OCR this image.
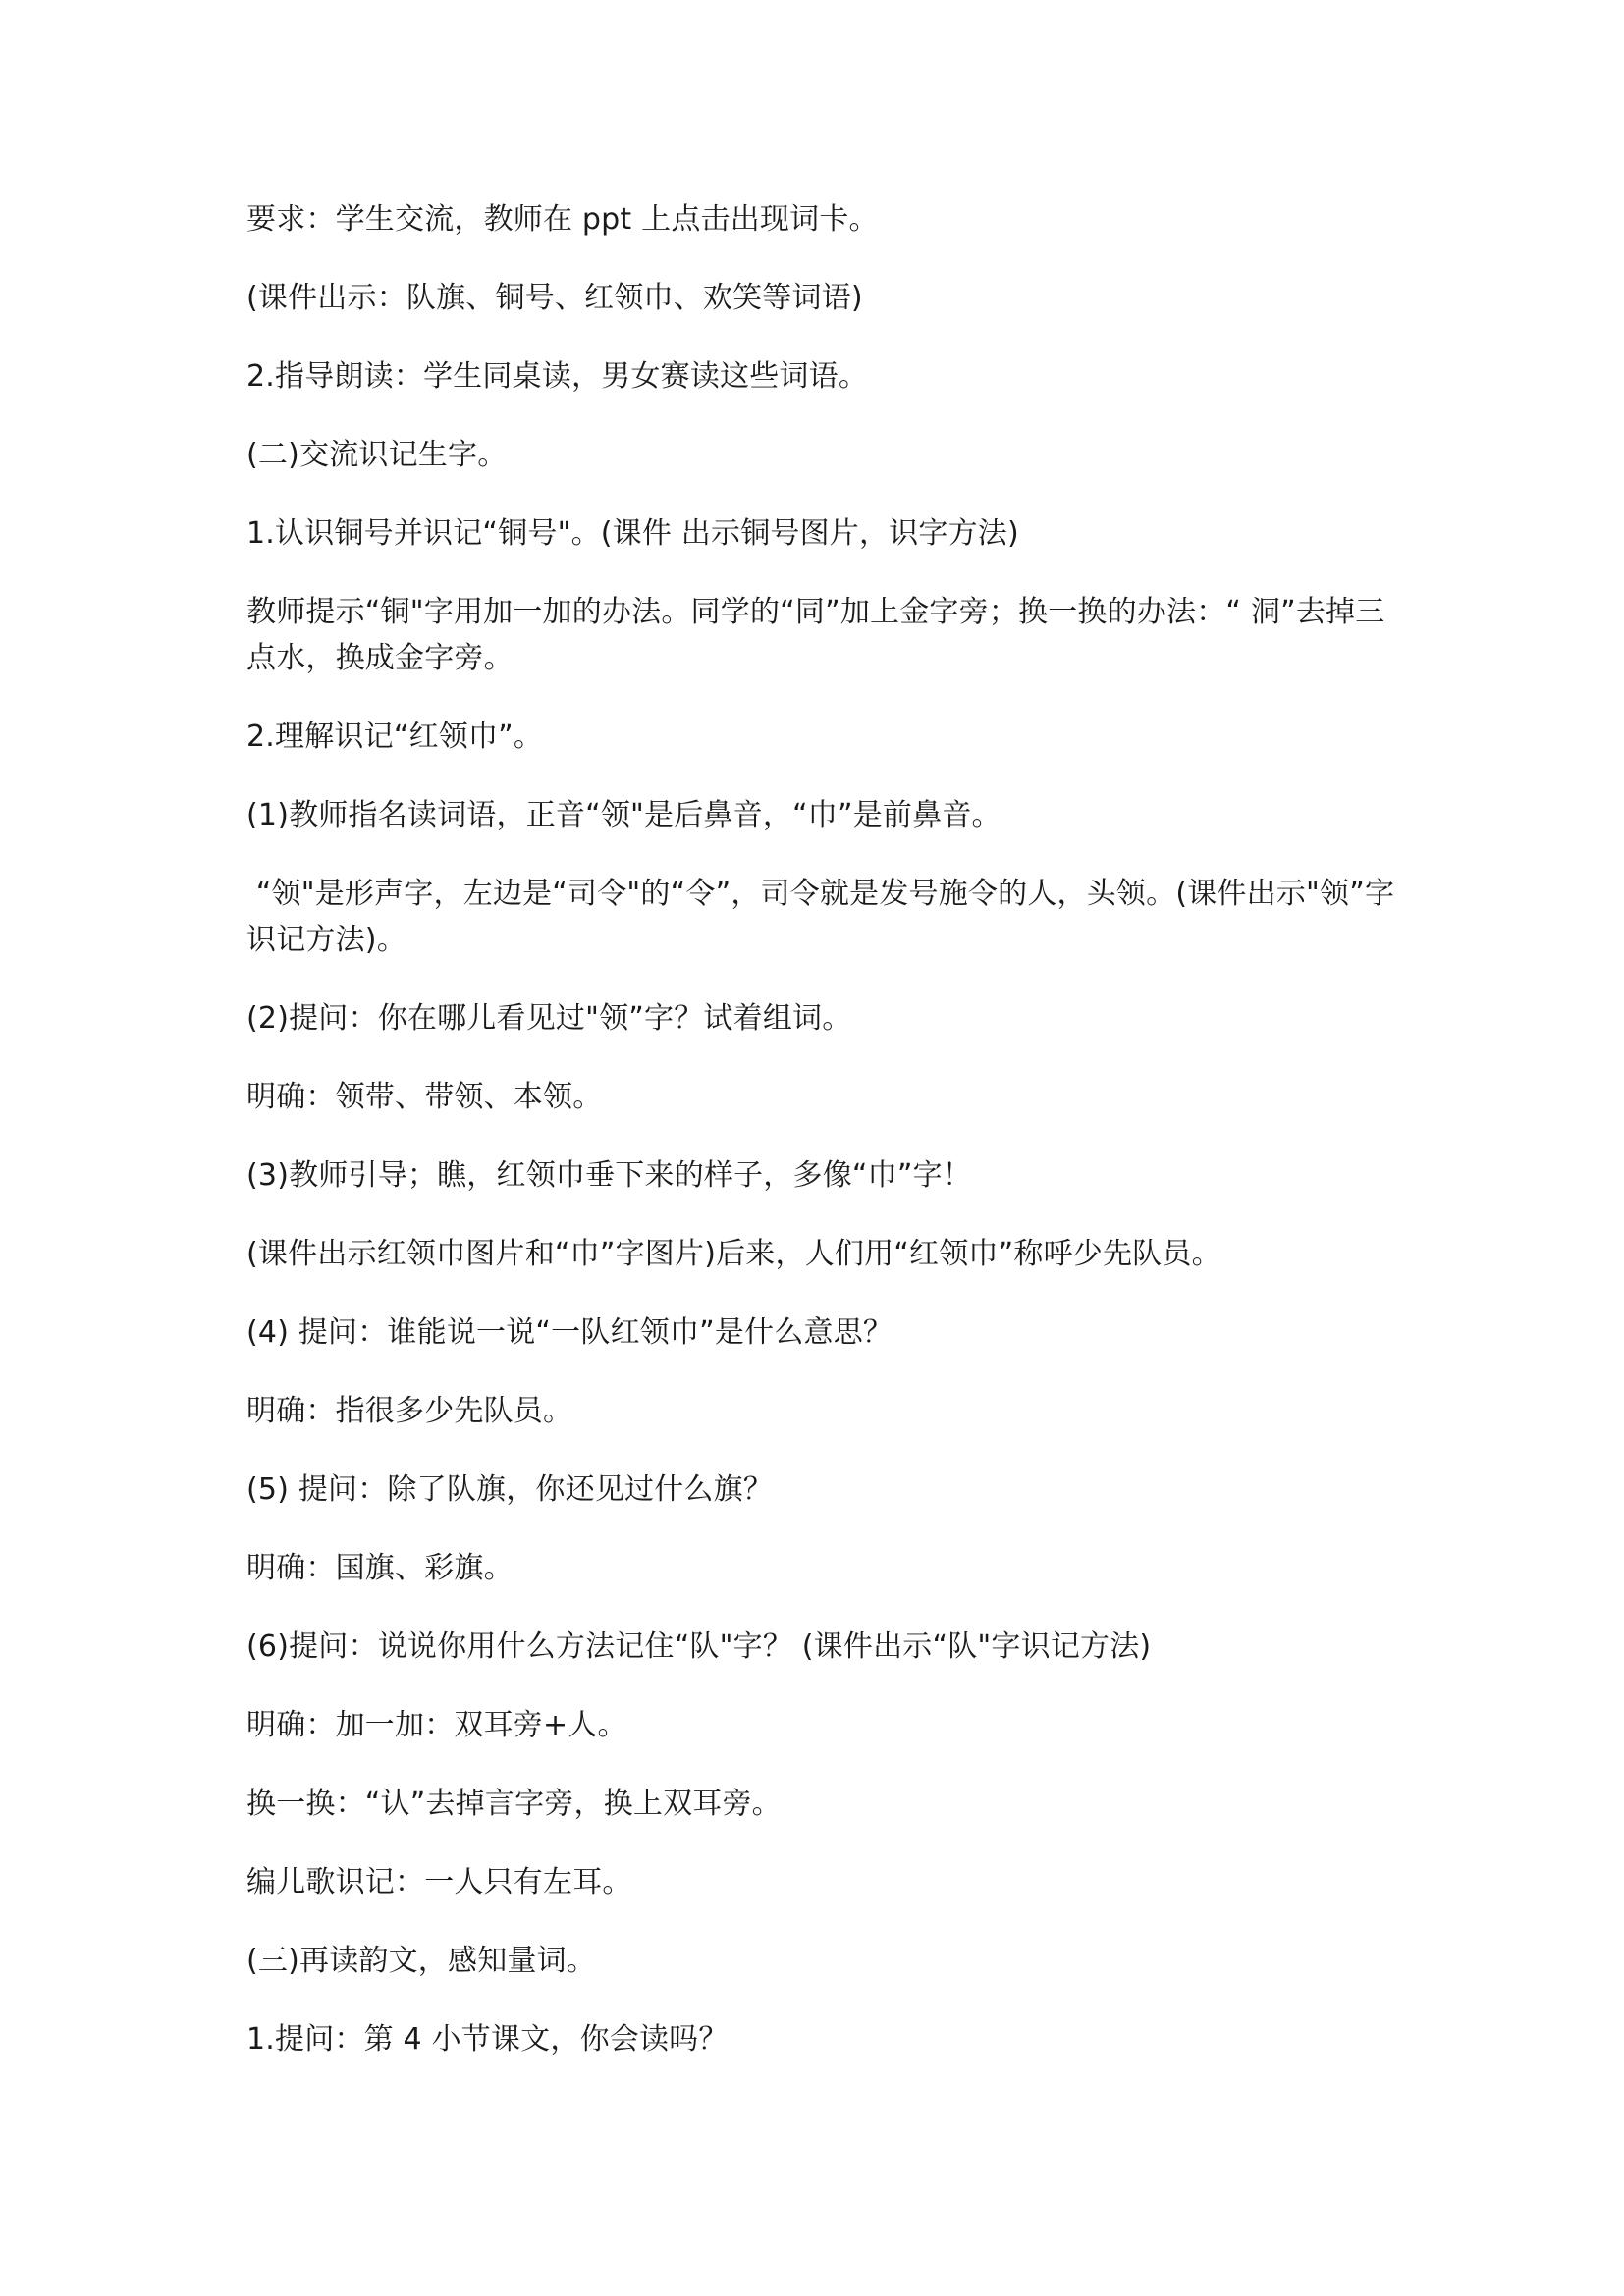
要求：学生交流，教师在 ppt 上点击出现词卡。

(课件出示：队旗、铜号、红领巾、欢笑等词语)

2.指导朗读：学生同桌读，男女赛读这些词语。

(二)交流识记生字。

1.认识铜号并识记“铜号"。(课件 出示铜号图片，识字方法)

教师提示“铜"字用加一加的办法。同学的“同”加上金字旁；换一换的办法：“ 洞”去掉三点水，换成金字旁。

2.理解识记“红领巾”。

(1)教师指名读词语，正音“领"是后鼻音，“巾”是前鼻音。

“领"是形声字，左边是“司令"的“令”，司令就是发号施令的人，头领。(课件出示"领”字识记方法)。

(2)提问：你在哪儿看见过"领”字？试着组词。

明确：领带、带领、本领。

(3)教师引导；瞧，红领巾垂下来的样子，多像“巾”字！

(课件出示红领巾图片和“巾”字图片)后来，人们用“红领巾”称呼少先队员。

(4) 提问：谁能说一说“一队红领巾”是什么意思？

明确：指很多少先队员。

(5) 提问：除了队旗，你还见过什么旗？

明确：国旗、彩旗。

(6)提问：说说你用什么方法记住“队"字？ (课件出示“队"字识记方法)

明确：加一加：双耳旁+人。

换一换：“认”去掉言字旁，换上双耳旁。

编儿歌识记：一人只有左耳。

(三)再读韵文，感知量词。

1.提问：第 4 小节课文，你会读吗？
